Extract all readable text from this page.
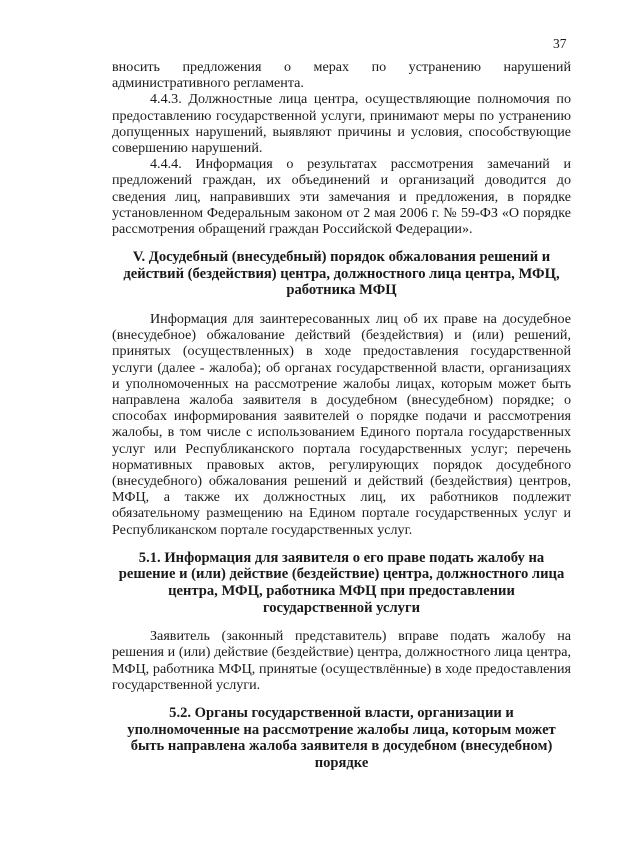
37

вносить предложения о мерах по устранению нарушений административного регламента.

4.4.3. Должностные лица центра, осуществляющие полномочия по предоставлению государственной услуги, принимают меры по устранению допущенных нарушений, выявляют причины и условия, способствующие совершению нарушений.

4.4.4. Информация о результатах рассмотрения замечаний и предложений граждан, их объединений и организаций доводится до сведения лиц, направивших эти замечания и предложения, в порядке установленном Федеральным законом от 2 мая 2006 г. № 59-ФЗ «О порядке рассмотрения обращений граждан Российской Федерации».

V. Досудебный (внесудебный) порядок обжалования решений и действий (бездействия) центра, должностного лица центра, МФЦ, работника МФЦ

Информация для заинтересованных лиц об их праве на досудебное (внесудебное) обжалование действий (бездействия) и (или) решений, принятых (осуществленных) в ходе предоставления государственной услуги (далее - жалоба); об органах государственной власти, организациях и уполномоченных на рассмотрение жалобы лицах, которым может быть направлена жалоба заявителя в досудебном (внесудебном) порядке; о способах информирования заявителей о порядке подачи и рассмотрения жалобы, в том числе с использованием Единого портала государственных услуг или Республиканского портала государственных услуг; перечень нормативных правовых актов, регулирующих порядок досудебного (внесудебного) обжалования решений и действий (бездействия) центров, МФЦ, а также их должностных лиц, их работников подлежит обязательному размещению на Едином портале государственных услуг и Республиканском портале государственных услуг.

5.1. Информация для заявителя о его праве подать жалобу на решение и (или) действие (бездействие) центра, должностного лица центра, МФЦ, работника МФЦ при предоставлении государственной услуги

Заявитель (законный представитель) вправе подать жалобу на решения и (или) действие (бездействие) центра, должностного лица центра, МФЦ, работника МФЦ, принятые (осуществлённые) в ходе предоставления государственной услуги.

5.2. Органы государственной власти, организации и уполномоченные на рассмотрение жалобы лица, которым может быть направлена жалоба заявителя в досудебном (внесудебном) порядке
